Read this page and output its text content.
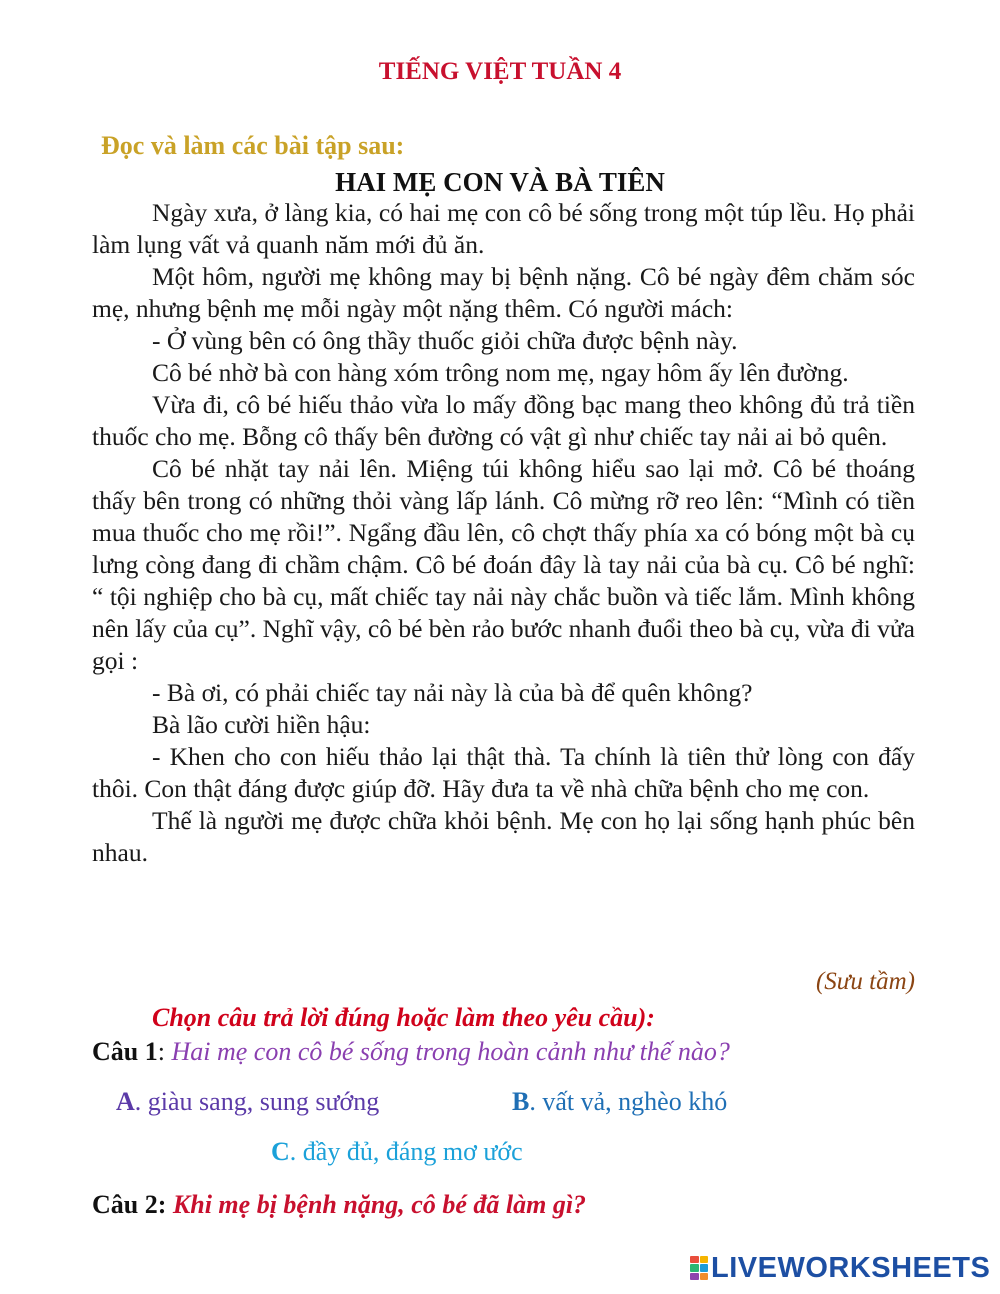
TIẾNG VIỆT TUẦN 4
Đọc và làm các bài tập sau:
HAI MẸ CON VÀ BÀ TIÊN

Ngày xưa, ở làng kia, có hai mẹ con cô bé sống trong một túp lều. Họ phải làm lụng vất vả quanh năm mới đủ ăn.

Một hôm, người mẹ không may bị bệnh nặng. Cô bé ngày đêm chăm sóc mẹ, nhưng bệnh mẹ mỗi ngày một nặng thêm. Có người mách:

- Ở vùng bên có ông thầy thuốc giỏi chữa được bệnh này.

Cô bé nhờ bà con hàng xóm trông nom mẹ, ngay hôm ấy lên đường.

Vừa đi, cô bé hiếu thảo vừa lo mấy đồng bạc mang theo không đủ trả tiền thuốc cho mẹ. Bỗng cô thấy bên đường có vật gì như chiếc tay nải ai bỏ quên.

Cô bé nhặt tay nải lên. Miệng túi không hiểu sao lại mở. Cô bé thoáng thấy bên trong có những thỏi vàng lấp lánh. Cô mừng rỡ reo lên: “Mình có tiền mua thuốc cho mẹ rồi!”. Ngẩng đầu lên, cô chợt thấy phía xa có bóng một bà cụ lưng còng đang đi chầm chậm. Cô bé đoán đây là tay nải của bà cụ. Cô bé nghĩ: “ tội nghiệp cho bà cụ, mất chiếc tay nải này chắc buồn và tiếc lắm. Mình không nên lấy của cụ”. Nghĩ vậy, cô bé bèn rảo bước nhanh đuổi theo bà cụ, vừa đi vửa gọi :

- Bà ơi, có phải chiếc tay nải này là của bà để quên không?

Bà lão cười hiền hậu:

- Khen cho con hiếu thảo lại thật thà. Ta chính là tiên thử lòng con đấy thôi. Con thật đáng được giúp đỡ. Hãy đưa ta về nhà chữa bệnh cho mẹ con.

Thế là người mẹ được chữa khỏi bệnh. Mẹ con họ lại sống hạnh phúc bên nhau.

(Sưu tầm)
Chọn câu trả lời đúng hoặc làm theo yêu cầu):
Câu 1: Hai mẹ con cô bé sống trong hoàn cảnh như thế nào?
A. giàu sang, sung sướng	B. vất vả, nghèo khó
C. đầy đủ, đáng mơ ước
Câu 2: Khi mẹ bị bệnh nặng, cô bé đã làm gì?
LIVEWORKSHEETS
